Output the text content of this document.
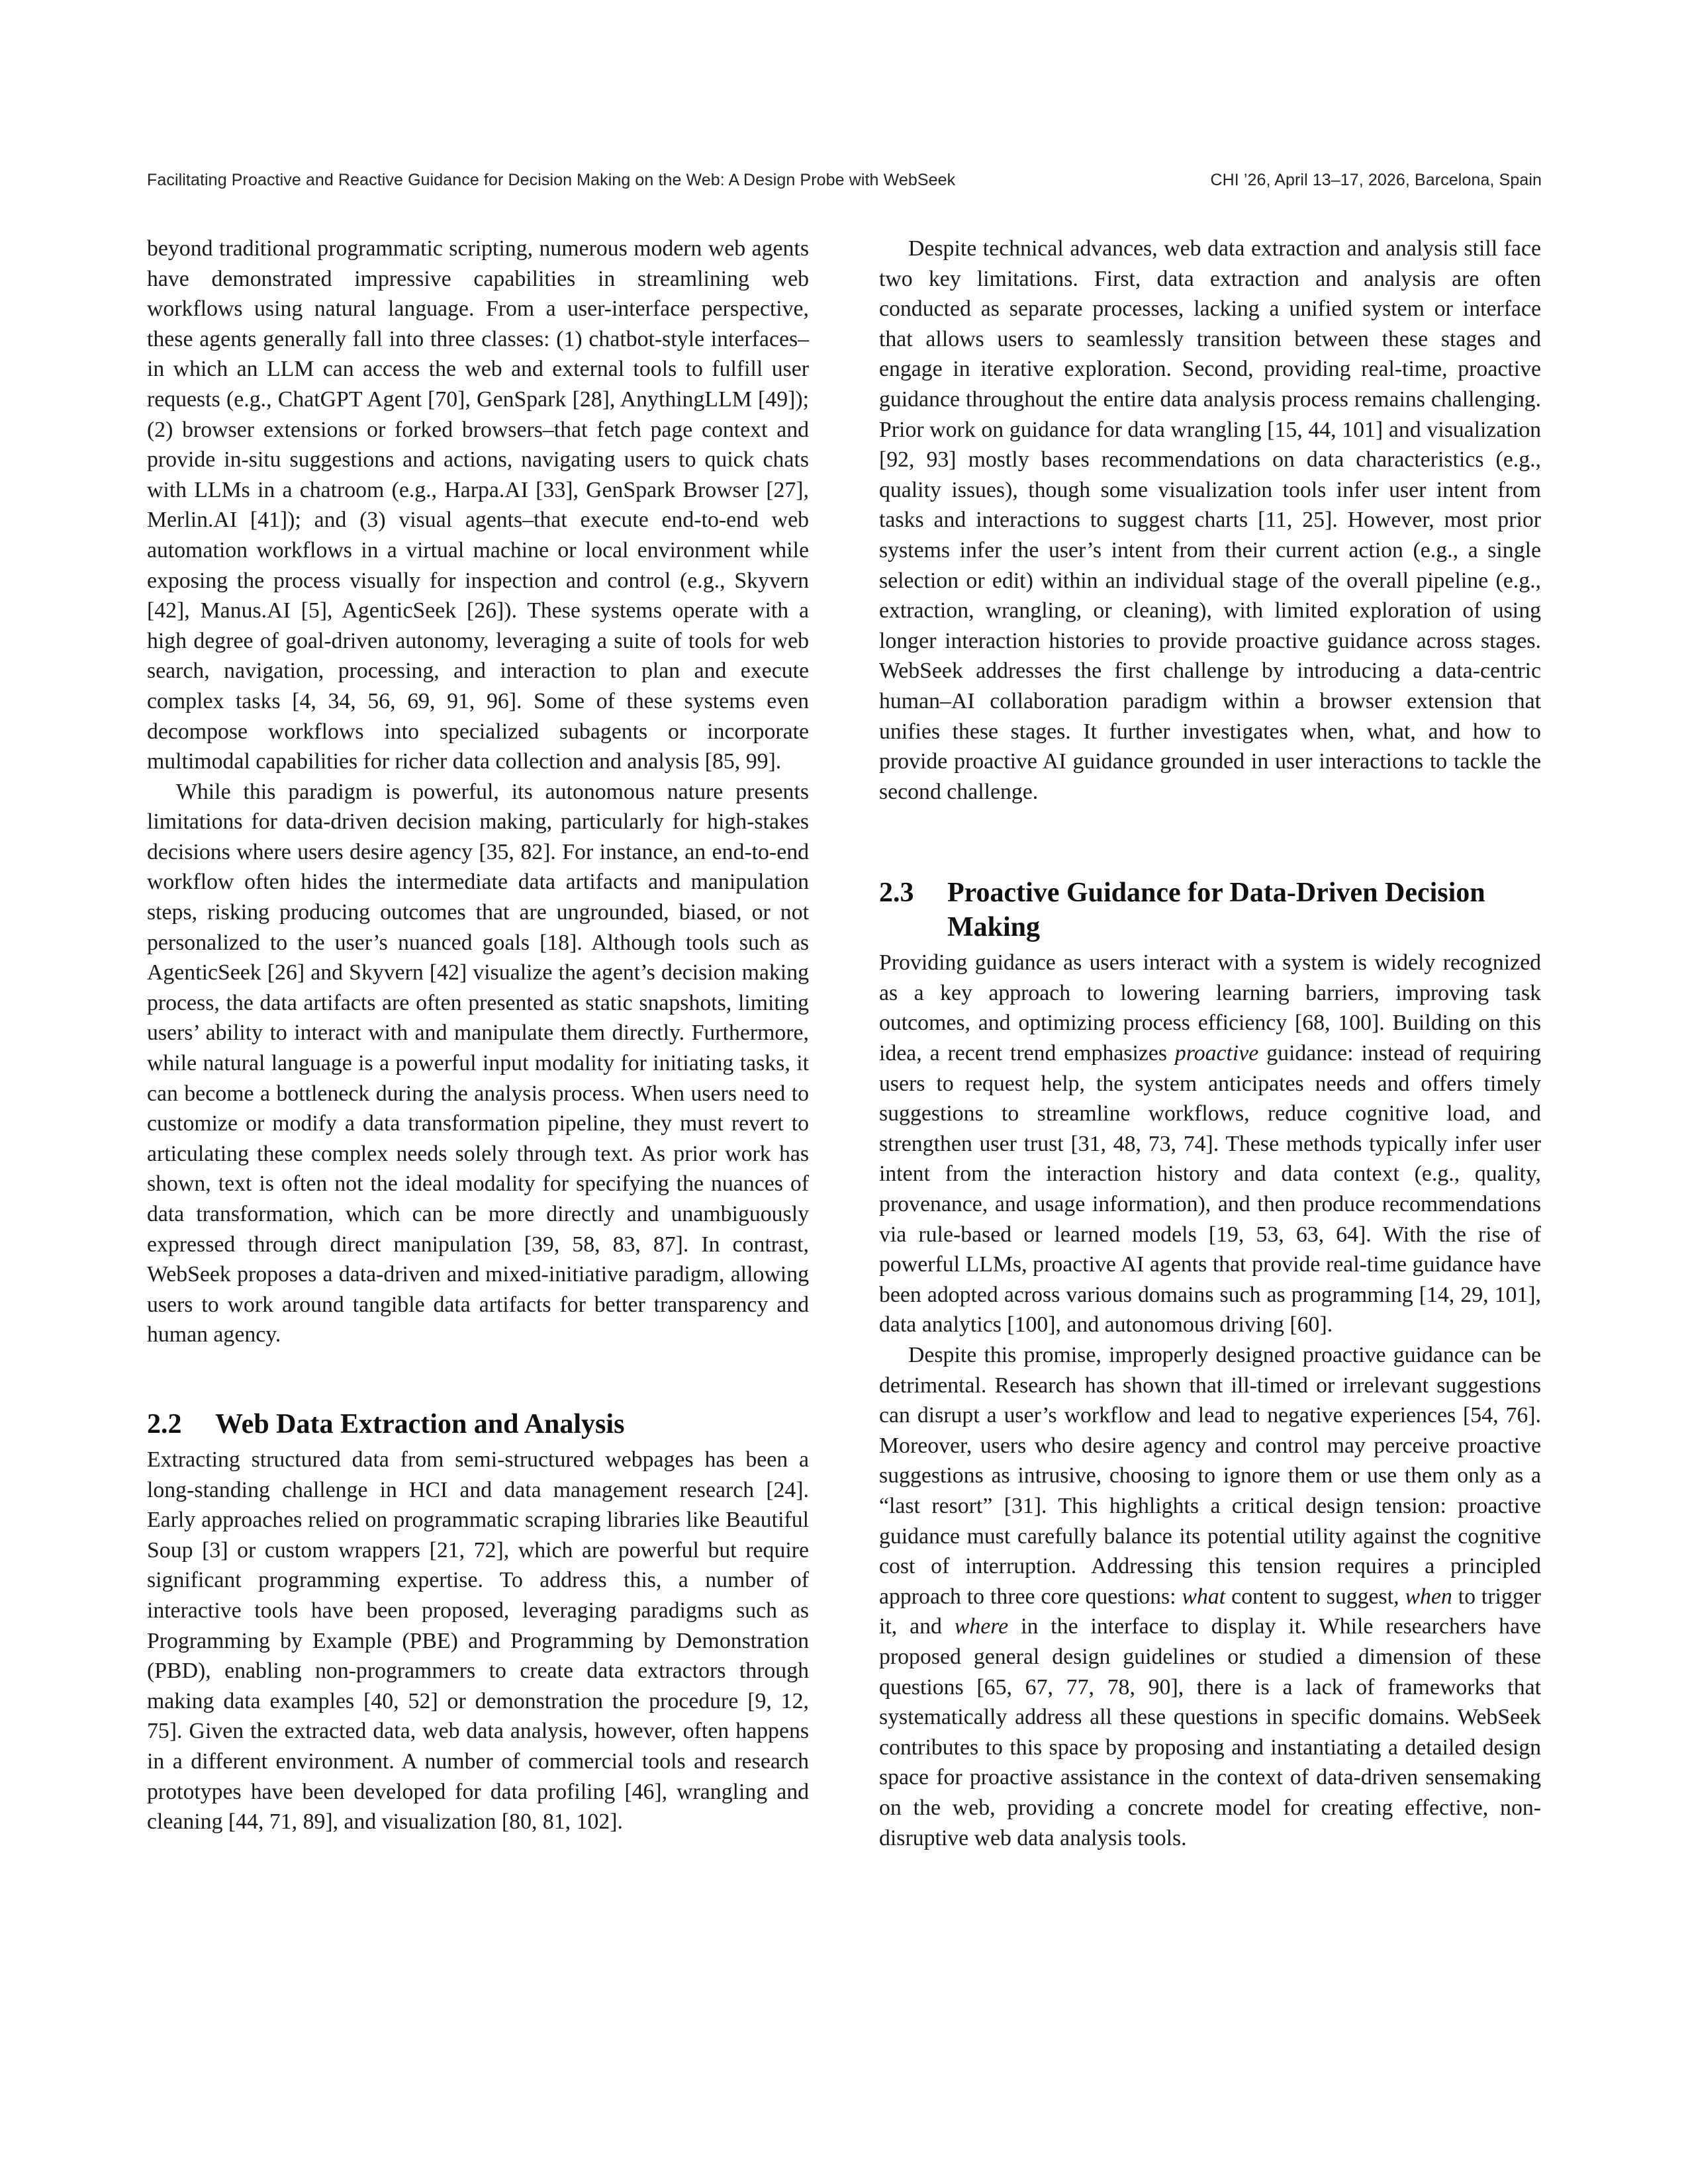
Facilitating Proactive and Reactive Guidance for Decision Making on the Web: A Design Probe with WebSeek	CHI ’26, April 13–17, 2026, Barcelona, Spain

beyond traditional programmatic scripting, numerous modern web agents have demonstrated impressive capabilities in streamlining web workflows using natural language. From a user-interface perspective, these agents generally fall into three classes: (1) chatbot-style interfaces–in which an LLM can access the web and external tools to fulfill user requests (e.g., ChatGPT Agent [70], GenSpark [28], AnythingLLM [49]); (2) browser extensions or forked browsers–that fetch page context and provide in-situ suggestions and actions, navigating users to quick chats with LLMs in a chatroom (e.g., Harpa.AI [33], GenSpark Browser [27], Merlin.AI [41]); and (3) visual agents–that execute end-to-end web automation workflows in a virtual machine or local environment while exposing the process visually for inspection and control (e.g., Skyvern [42], Manus.AI [5], AgenticSeek [26]). These systems operate with a high degree of goal-driven autonomy, leveraging a suite of tools for web search, navigation, processing, and interaction to plan and execute complex tasks [4, 34, 56, 69, 91, 96]. Some of these systems even decompose workflows into specialized subagents or incorporate multimodal capabilities for richer data collection and analysis [85, 99].

While this paradigm is powerful, its autonomous nature presents limitations for data-driven decision making, particularly for high-stakes decisions where users desire agency [35, 82]. For instance, an end-to-end workflow often hides the intermediate data artifacts and manipulation steps, risking producing outcomes that are ungrounded, biased, or not personalized to the user’s nuanced goals [18]. Although tools such as AgenticSeek [26] and Skyvern [42] visualize the agent’s decision making process, the data artifacts are often presented as static snapshots, limiting users’ ability to interact with and manipulate them directly. Furthermore, while natural language is a powerful input modality for initiating tasks, it can become a bottleneck during the analysis process. When users need to customize or modify a data transformation pipeline, they must revert to articulating these complex needs solely through text. As prior work has shown, text is often not the ideal modality for specifying the nuances of data transformation, which can be more directly and unambiguously expressed through direct manipulation [39, 58, 83, 87]. In contrast, WebSeek proposes a data-driven and mixed-initiative paradigm, allowing users to work around tangible data artifacts for better transparency and human agency.

2.2	Web Data Extraction and Analysis

Extracting structured data from semi-structured webpages has been a long-standing challenge in HCI and data management research [24]. Early approaches relied on programmatic scraping libraries like Beautiful Soup [3] or custom wrappers [21, 72], which are powerful but require significant programming expertise. To address this, a number of interactive tools have been proposed, leveraging paradigms such as Programming by Example (PBE) and Programming by Demonstration (PBD), enabling non-programmers to create data extractors through making data examples [40, 52] or demonstration the procedure [9, 12, 75]. Given the extracted data, web data analysis, however, often happens in a different environment. A number of commercial tools and research prototypes have been developed for data profiling [46], wrangling and cleaning [44, 71, 89], and visualization [80, 81, 102].

Despite technical advances, web data extraction and analysis still face two key limitations. First, data extraction and analysis are often conducted as separate processes, lacking a unified system or interface that allows users to seamlessly transition between these stages and engage in iterative exploration. Second, providing real-time, proactive guidance throughout the entire data analysis process remains challenging. Prior work on guidance for data wrangling [15, 44, 101] and visualization [92, 93] mostly bases recommendations on data characteristics (e.g., quality issues), though some visualization tools infer user intent from tasks and interactions to suggest charts [11, 25]. However, most prior systems infer the user’s intent from their current action (e.g., a single selection or edit) within an individual stage of the overall pipeline (e.g., extraction, wrangling, or cleaning), with limited exploration of using longer interaction histories to provide proactive guidance across stages. WebSeek addresses the first challenge by introducing a data-centric human–AI collaboration paradigm within a browser extension that unifies these stages. It further investigates when, what, and how to provide proactive AI guidance grounded in user interactions to tackle the second challenge.

2.3	Proactive Guidance for Data-Driven Decision Making

Providing guidance as users interact with a system is widely recognized as a key approach to lowering learning barriers, improving task outcomes, and optimizing process efficiency [68, 100]. Building on this idea, a recent trend emphasizes proactive guidance: instead of requiring users to request help, the system anticipates needs and offers timely suggestions to streamline workflows, reduce cognitive load, and strengthen user trust [31, 48, 73, 74]. These methods typically infer user intent from the interaction history and data context (e.g., quality, provenance, and usage information), and then produce recommendations via rule-based or learned models [19, 53, 63, 64]. With the rise of powerful LLMs, proactive AI agents that provide real-time guidance have been adopted across various domains such as programming [14, 29, 101], data analytics [100], and autonomous driving [60].

Despite this promise, improperly designed proactive guidance can be detrimental. Research has shown that ill-timed or irrelevant suggestions can disrupt a user’s workflow and lead to negative experiences [54, 76]. Moreover, users who desire agency and control may perceive proactive suggestions as intrusive, choosing to ignore them or use them only as a “last resort” [31]. This highlights a critical design tension: proactive guidance must carefully balance its potential utility against the cognitive cost of interruption. Addressing this tension requires a principled approach to three core questions: what content to suggest, when to trigger it, and where in the interface to display it. While researchers have proposed general design guidelines or studied a dimension of these questions [65, 67, 77, 78, 90], there is a lack of frameworks that systematically address all these questions in specific domains. WebSeek contributes to this space by proposing and instantiating a detailed design space for proactive assistance in the context of data-driven sensemaking on the web, providing a concrete model for creating effective, non-disruptive web data analysis tools.
